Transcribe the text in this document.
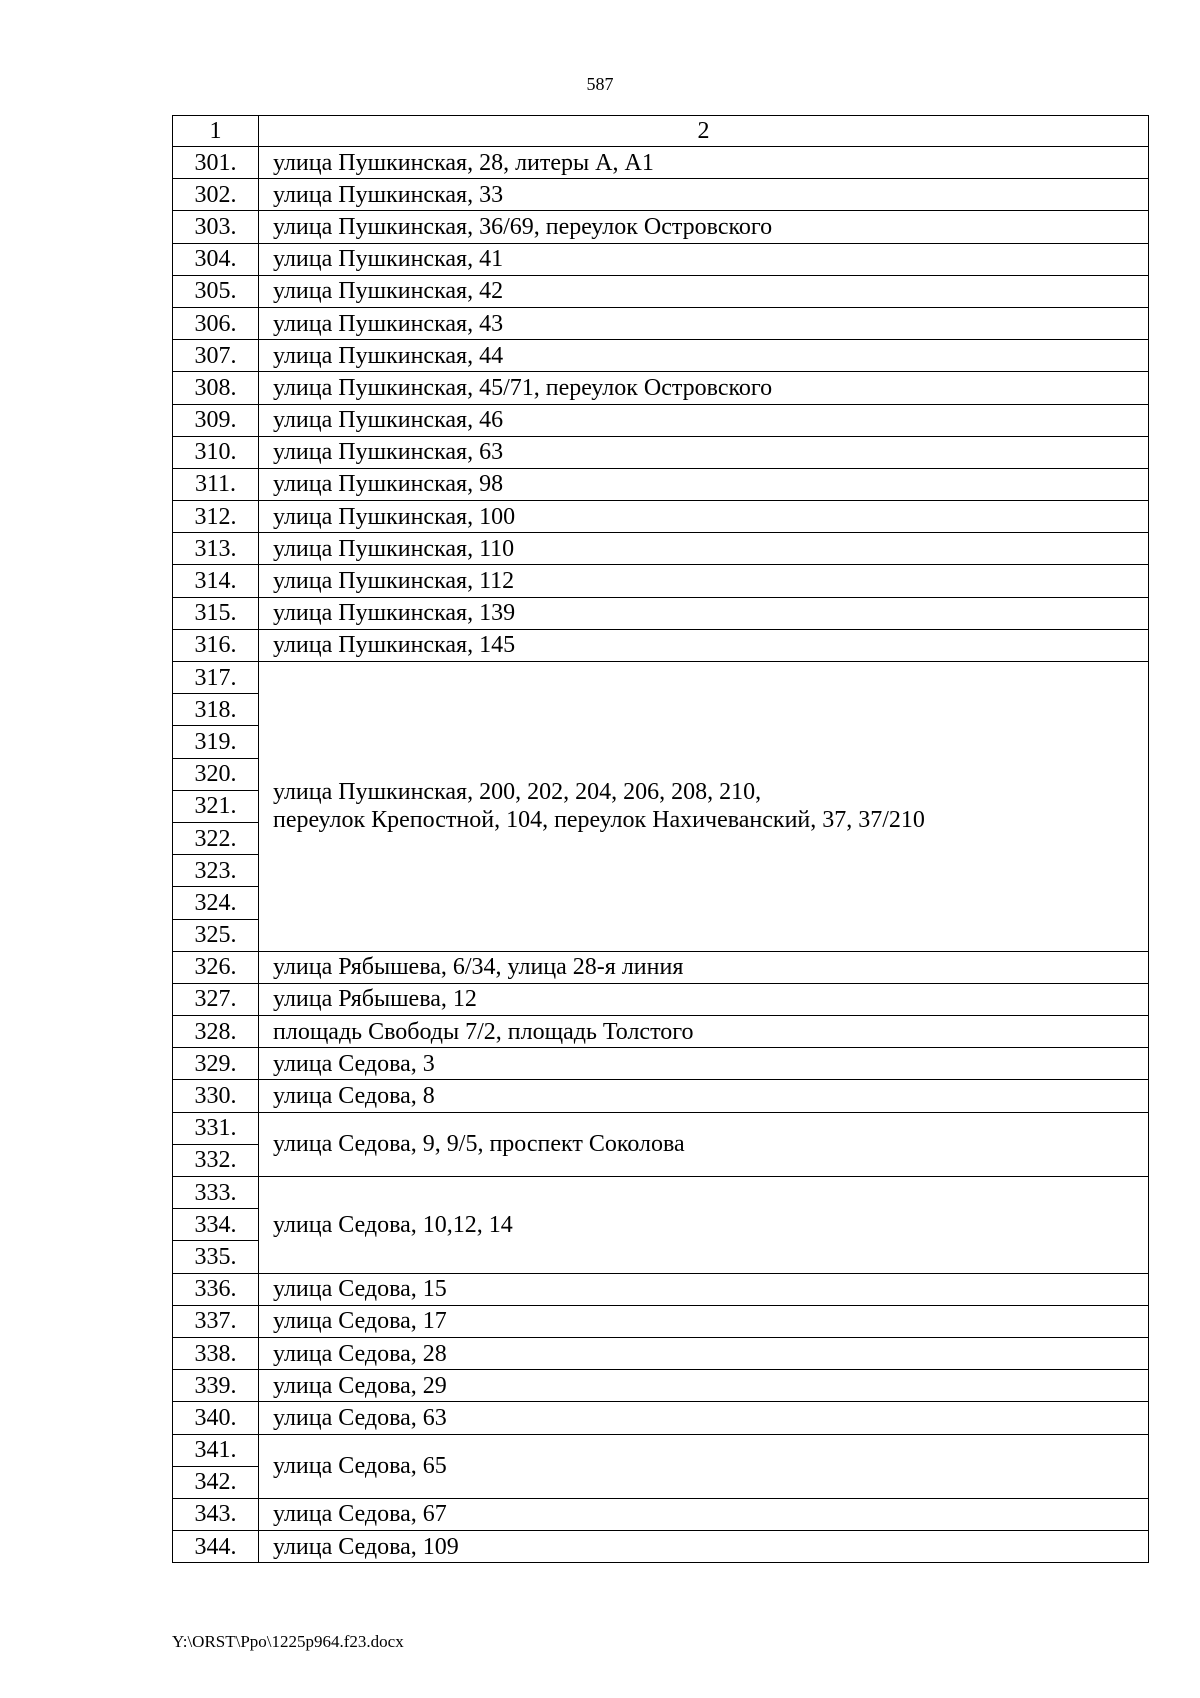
587
1	2
301.	улица Пушкинская, 28, литеры А, А1
302.	улица Пушкинская, 33
303.	улица Пушкинская, 36/69, переулок Островского
304.	улица Пушкинская, 41
305.	улица Пушкинская, 42
306.	улица Пушкинская, 43
307.	улица Пушкинская, 44
308.	улица Пушкинская, 45/71, переулок Островского
309.	улица Пушкинская, 46
310.	улица Пушкинская, 63
311.	улица Пушкинская, 98
312.	улица Пушкинская, 100
313.	улица Пушкинская, 110
314.	улица Пушкинская, 112
315.	улица Пушкинская, 139
316.	улица Пушкинская, 145
317.	улица Пушкинская, 200, 202, 204, 206, 208, 210,
переулок Крепостной, 104, переулок Нахичеванский, 37, 37/210
318.	
319.	
320.	
321.	
322.	
323.	
324.	
325.	
326.	улица Рябышева, 6/34, улица 28-я линия
327.	улица Рябышева, 12
328.	площадь Свободы 7/2, площадь Толстого
329.	улица Седова, 3
330.	улица Седова, 8
331.	улица Седова, 9, 9/5, проспект Соколова
332.	
333.	улица Седова, 10,12, 14
334.	
335.	
336.	улица Седова, 15
337.	улица Седова, 17
338.	улица Седова, 28
339.	улица Седова, 29
340.	улица Седова, 63
341.	улица Седова, 65
342.	
343.	улица Седова, 67
344.	улица Седова, 109
Y:\ORST\Ppo\1225p964.f23.docx
